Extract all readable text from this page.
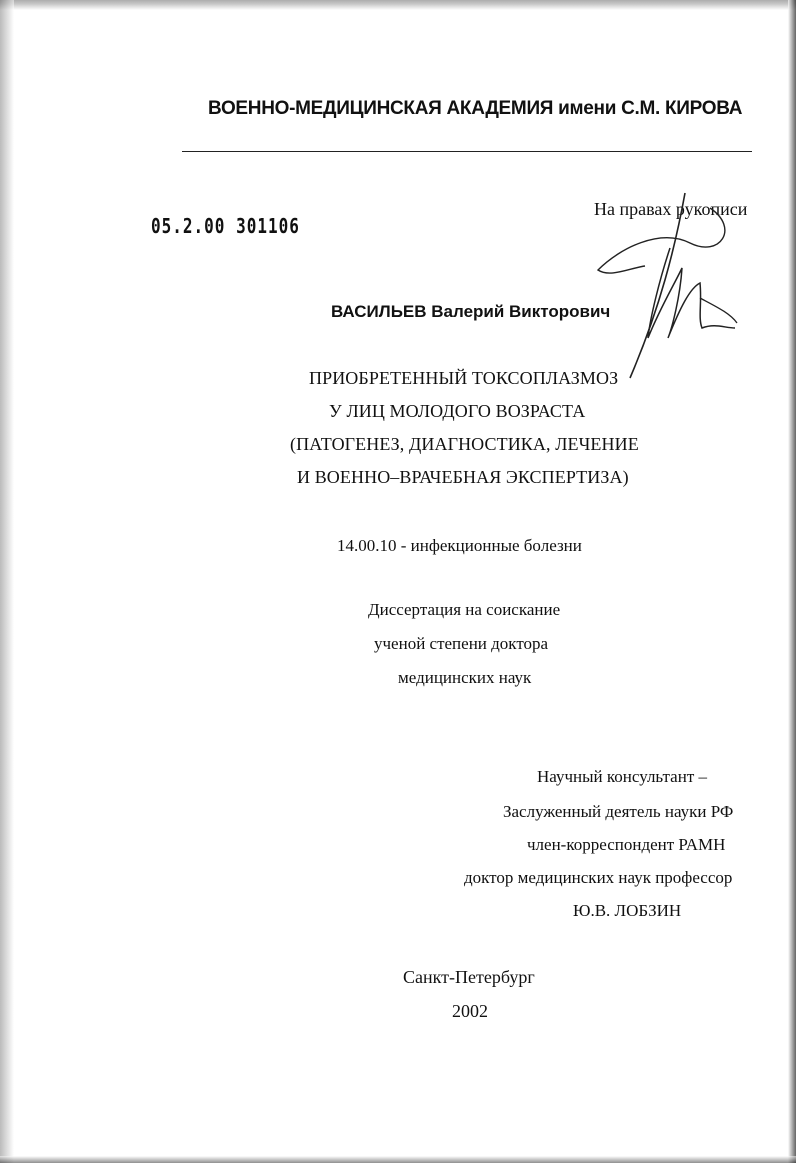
ВОЕННО-МЕДИЦИНСКАЯ АКАДЕМИЯ имени С.М. КИРОВА
05.2.00 301106
На правах рукописи
ВАСИЛЬЕВ Валерий Викторович
ПРИОБРЕТЕННЫЙ ТОКСОПЛАЗМОЗ
У ЛИЦ МОЛОДОГО ВОЗРАСТА
(ПАТОГЕНЕЗ, ДИАГНОСТИКА, ЛЕЧЕНИЕ
И ВОЕННО–ВРАЧЕБНАЯ ЭКСПЕРТИЗА)
14.00.10 - инфекционные болезни
Диссертация на соискание
ученой степени доктора
медицинских наук
Научный консультант –
Заслуженный деятель науки РФ
член-корреспондент РАМН
доктор медицинских наук профессор
Ю.В. ЛОБЗИН
Санкт-Петербург
2002
